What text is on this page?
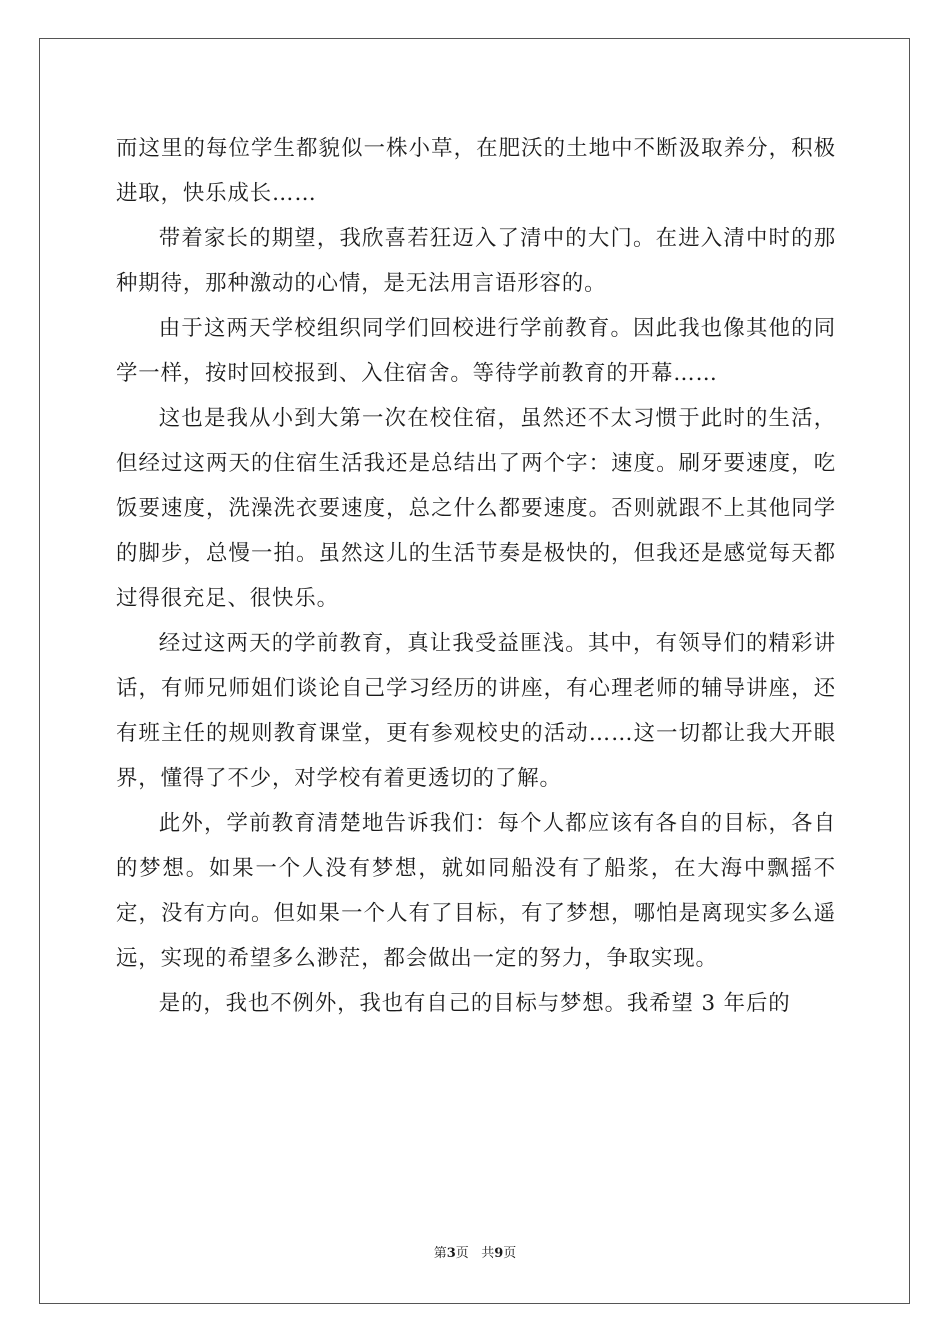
而这里的每位学生都貌似一株小草，在肥沃的土地中不断汲取养分，积极进取，快乐成长……

带着家长的期望，我欣喜若狂迈入了清中的大门。在进入清中时的那种期待，那种激动的心情，是无法用言语形容的。

由于这两天学校组织同学们回校进行学前教育。因此我也像其他的同学一样，按时回校报到、入住宿舍。等待学前教育的开幕……

这也是我从小到大第一次在校住宿，虽然还不太习惯于此时的生活，但经过这两天的住宿生活我还是总结出了两个字：速度。刷牙要速度，吃饭要速度，洗澡洗衣要速度，总之什么都要速度。否则就跟不上其他同学的脚步，总慢一拍。虽然这儿的生活节奏是极快的，但我还是感觉每天都过得很充足、很快乐。

经过这两天的学前教育，真让我受益匪浅。其中，有领导们的精彩讲话，有师兄师姐们谈论自己学习经历的讲座，有心理老师的辅导讲座，还有班主任的规则教育课堂，更有参观校史的活动……这一切都让我大开眼界，懂得了不少，对学校有着更透切的了解。

此外，学前教育清楚地告诉我们：每个人都应该有各自的目标，各自的梦想。如果一个人没有梦想，就如同船没有了船浆，在大海中飘摇不定，没有方向。但如果一个人有了目标，有了梦想，哪怕是离现实多么遥远，实现的希望多么渺茫，都会做出一定的努力，争取实现。

是的，我也不例外，我也有自己的目标与梦想。我希望 3 年后的

第3页 共9页
